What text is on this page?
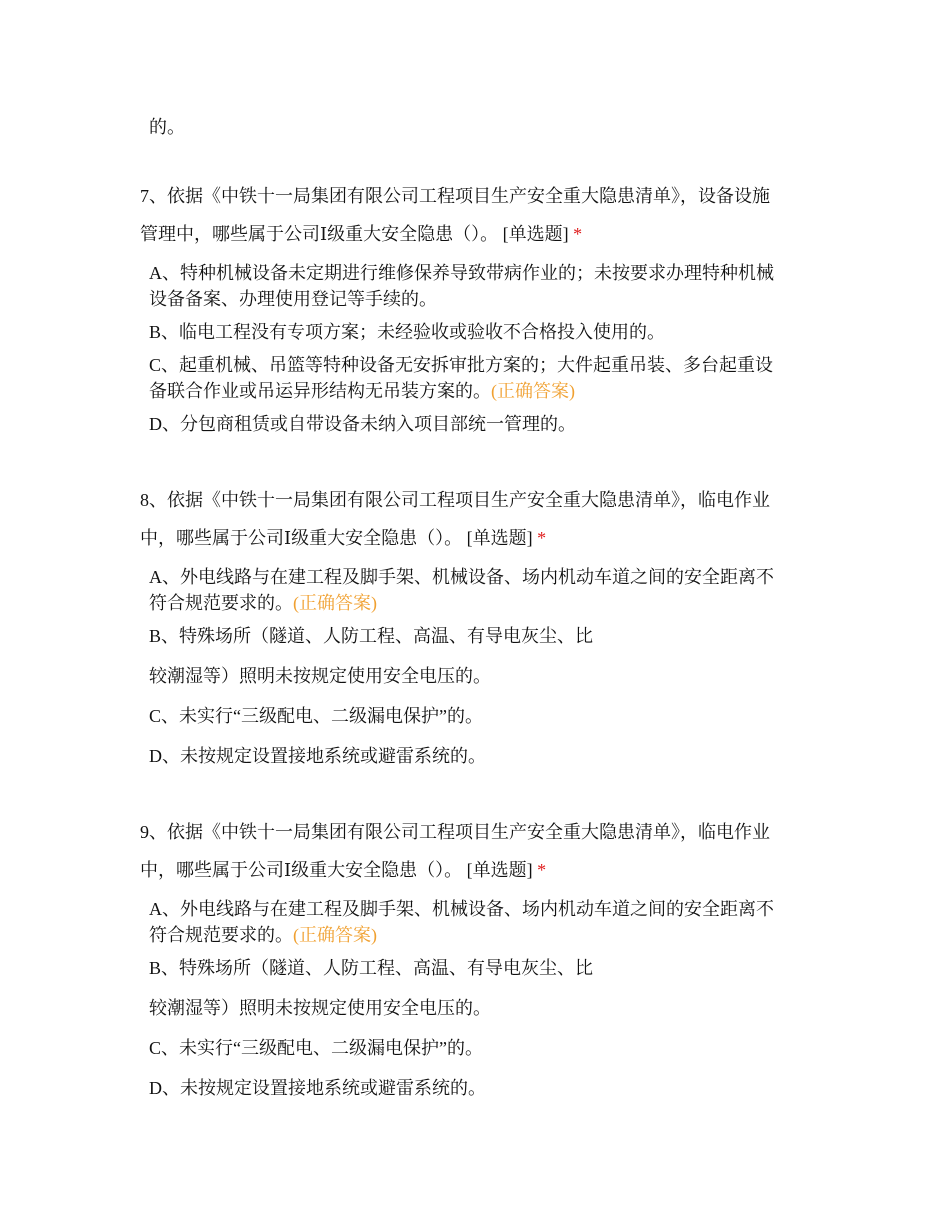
的。
7、依据《中铁十一局集团有限公司工程项目生产安全重大隐患清单》，设备设施
管理中，哪些属于公司Ⅰ级重大安全隐患（）。 [单选题] *
A、特种机械设备未定期进行维修保养导致带病作业的；未按要求办理特种机械
设备备案、办理使用登记等手续的。
B、临电工程没有专项方案；未经验收或验收不合格投入使用的。
C、起重机械、吊篮等特种设备无安拆审批方案的；大件起重吊装、多台起重设
备联合作业或吊运异形结构无吊装方案的。(正确答案)
D、分包商租赁或自带设备未纳入项目部统一管理的。
8、依据《中铁十一局集团有限公司工程项目生产安全重大隐患清单》，临电作业
中，哪些属于公司Ⅰ级重大安全隐患（）。 [单选题] *
A、外电线路与在建工程及脚手架、机械设备、场内机动车道之间的安全距离不
符合规范要求的。(正确答案)
B、特殊场所（隧道、人防工程、高温、有导电灰尘、比
较潮湿等）照明未按规定使用安全电压的。
C、未实行“三级配电、二级漏电保护”的。
D、未按规定设置接地系统或避雷系统的。
9、依据《中铁十一局集团有限公司工程项目生产安全重大隐患清单》，临电作业
中，哪些属于公司Ⅰ级重大安全隐患（）。 [单选题] *
A、外电线路与在建工程及脚手架、机械设备、场内机动车道之间的安全距离不
符合规范要求的。(正确答案)
B、特殊场所（隧道、人防工程、高温、有导电灰尘、比
较潮湿等）照明未按规定使用安全电压的。
C、未实行“三级配电、二级漏电保护”的。
D、未按规定设置接地系统或避雷系统的。
